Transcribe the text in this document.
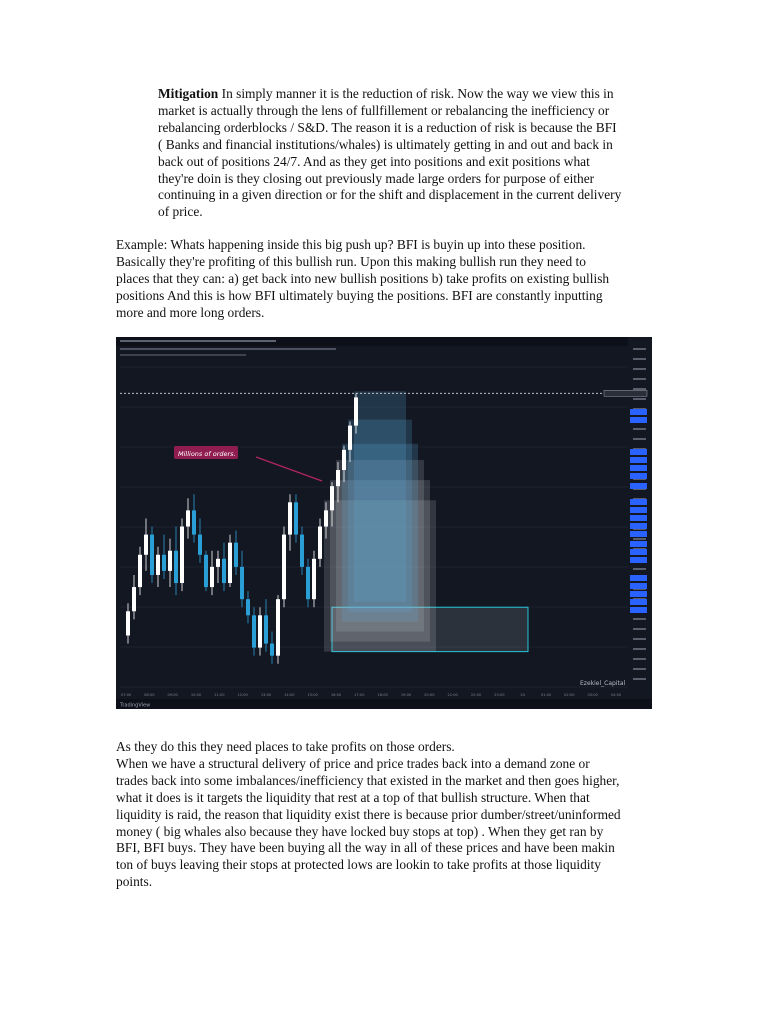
Mitigation In simply manner it is the reduction of risk. Now the way we view this in
market is actually through the lens of fullfillement or rebalancing the inefficiency or
rebalancing orderblocks / S&D. The reason it is a reduction of risk is because the BFI
( Banks and financial institutions/whales) is ultimately getting in and out and back in
back out of positions 24/7. And as they get into positions and exit positions what
they're doin is they closing out previously made large orders for purpose of either
continuing in a given direction or for the shift and displacement in the current delivery
of price.
Example: Whats happening inside this big push up? BFI is buyin up into these position.
Basically they're profiting of this bullish run. Upon this making bullish run they need to
places that they can: a) get back into new bullish positions b) take profits on existing bullish
positions And this is how BFI ultimately buying the positions. BFI are constantly inputting
more and more long orders.
07:00	08:00	09:00	10:00	11:00	12:00	13:00	14:00	15:00	16:00	17:00	18:00	19:00	20:00	21:00	22:00	23:00	24	01:00	02:00	03:00	04:00
Millions of orders.
Ezekiel_Capital
TradingView
As they do this they need places to take profits on those orders.
When we have a structural delivery of price and price trades back into a demand zone or
trades back into some imbalances/inefficiency that existed in the market and then goes higher,
what it does is it targets the liquidity that rest at a top of that bullish structure. When that
liquidity is raid, the reason that liquidity exist there is because prior dumber/street/uninformed
money ( big whales also because they have locked buy stops at top) . When they get ran by
BFI, BFI buys. They have been buying all the way in all of these prices and have been makin
ton of buys leaving their stops at protected lows are lookin to take profits at those liquidity
points.
